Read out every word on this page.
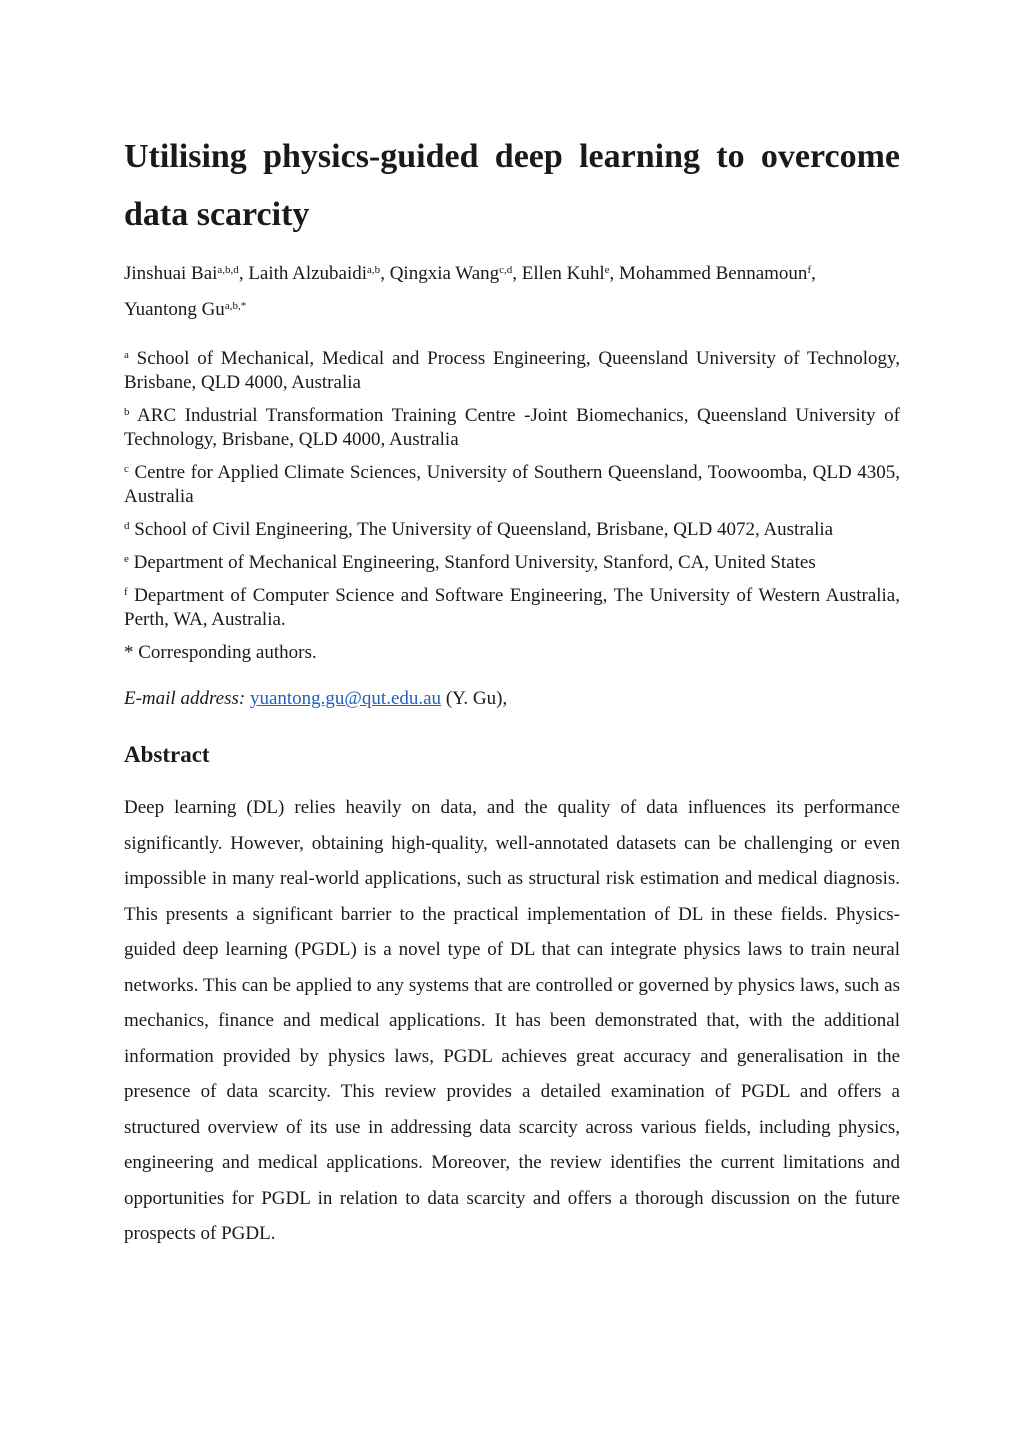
Utilising physics-guided deep learning to overcome
data scarcity
Jinshuai Bai$^{a,b,d}$, Laith Alzubaidi$^{a,b}$, Qingxia Wang$^{c,d}$, Ellen Kuhl$^e$, Mohammed Bennamoun$^f$,
Yuantong $Gu^{a,b,*}$
$^a$ School of Mechanical, Medical and Process Engineering, Queensland University of Technology, Brisbane, QLD 4000, Australia
$^b$ ARC Industrial Transformation Training Centre -Joint Biomechanics, Queensland University of Technology, Brisbane, QLD 4000, Australia
$^c$ Centre for Applied Climate Sciences, University of Southern Queensland, Toowoomba, QLD 4305, Australia
$^d$ School of Civil Engineering, The University of Queensland, Brisbane, QLD 4072, Australia
$^e$ Department of Mechanical Engineering, Stanford University, Stanford, CA, United States
$^f$ Department of Computer Science and Software Engineering, The University of Western Australia, Perth, WA, Australia.
* Corresponding authors.
E-mail address: yuantong.gu@qut.edu.au (Y. Gu),
Abstract

Deep learning (DL) relies heavily on data, and the quality of data influences its performance significantly. However, obtaining high-quality, well-annotated datasets can be challenging or even impossible in many real-world applications, such as structural risk estimation and medical diagnosis. This presents a significant barrier to the practical implementation of DL in these fields. Physics-guided deep learning (PGDL) is a novel type of DL that can integrate physics laws to train neural networks. This can be applied to any systems that are controlled or governed by physics laws, such as mechanics, finance and medical applications. It has been demonstrated that, with the additional information provided by physics laws, PGDL achieves great accuracy and generalisation in the presence of data scarcity. This review provides a detailed examination of PGDL and offers a structured overview of its use in addressing data scarcity across various fields, including physics, engineering and medical applications. Moreover, the review identifies the current limitations and opportunities for PGDL in relation to data scarcity and offers a thorough discussion on the future prospects of PGDL.
